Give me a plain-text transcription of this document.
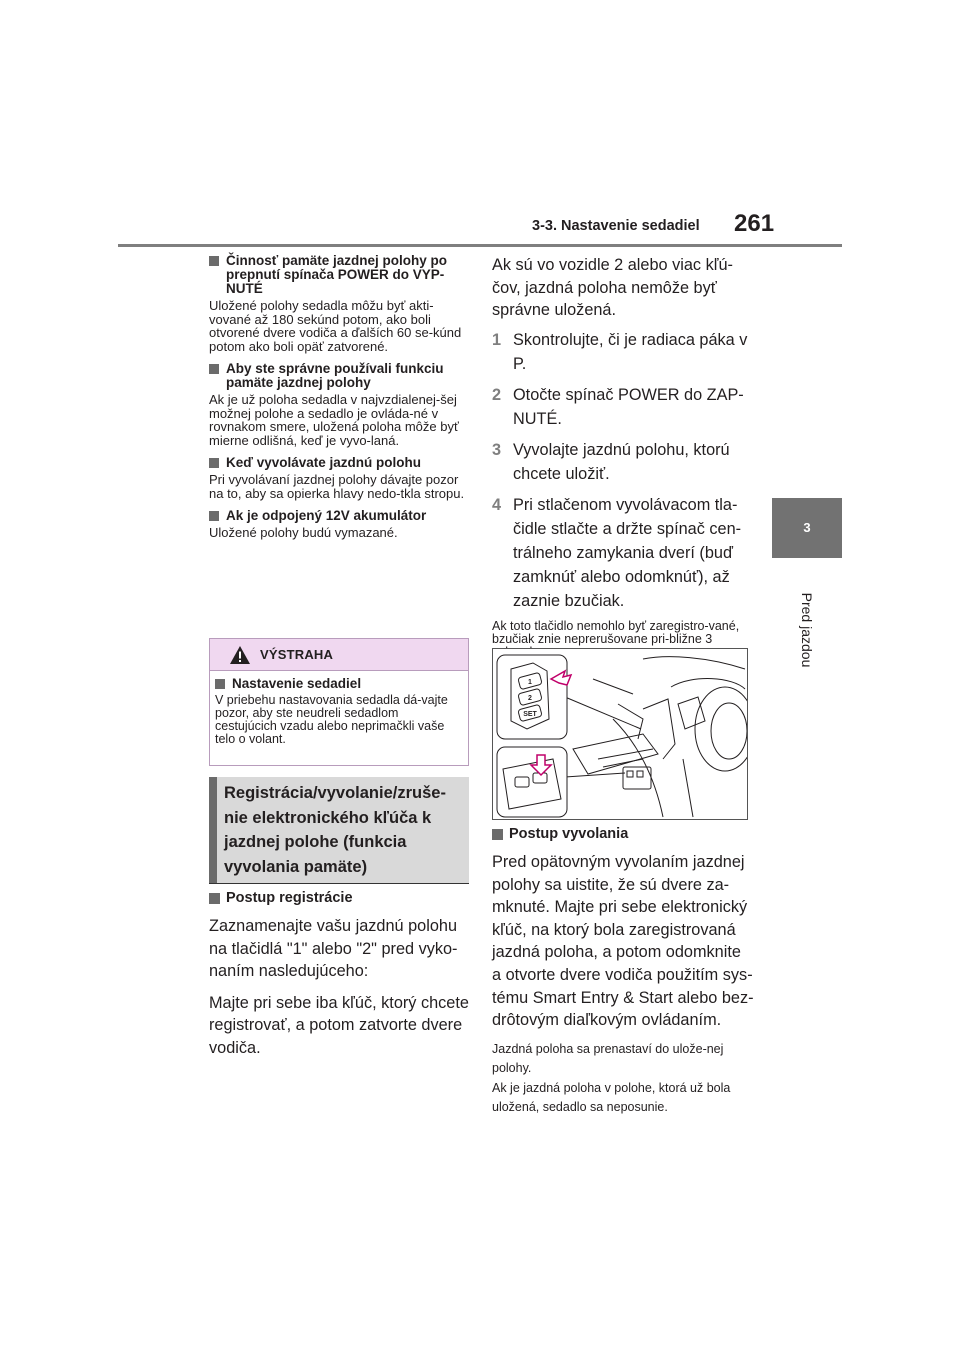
3-3. Nastavenie sedadiel 261
3
Pred jazdou
Činnosť pamäte jazdnej polohy po prepnutí spínača POWER do VYP-NUTÉ

Uložené polohy sedadla môžu byť akti-vované až 180 sekúnd potom, ako boli otvorené dvere vodiča a ďalších 60 se-kúnd potom ako boli opäť zatvorené.

Aby ste správne používali funkciu pamäte jazdnej polohy

Ak je už poloha sedadla v najvzdialenej-šej možnej polohe a sedadlo je ovláda-né v rovnakom smere, uložená poloha môže byť mierne odlišná, keď je vyvo-laná.

Keď vyvolávate jazdnú polohu

Pri vyvolávaní jazdnej polohy dávajte pozor na to, aby sa opierka hlavy nedo-tkla stropu.

Ak je odpojený 12V akumulátor

Uložené polohy budú vymazané.

VÝSTRAHA
Nastavenie sedadiel

V priebehu nastavovania sedadla dá-vajte pozor, aby ste neudreli sedadlom cestujúcich vzadu alebo neprimačkli vaše telo o volant.

Registrácia/vyvolanie/zruše-nie elektronického kľúča k jazdnej polohe (funkcia vyvolania pamäte)
Postup registrácie

Zaznamenajte vašu jazdnú polohu na tlačidlá "1" alebo "2" pred vyko-naním nasledujúceho:

Majte pri sebe iba kľúč, ktorý chcete registrovať, a potom zatvorte dvere vodiča.

Ak sú vo vozidle 2 alebo viac kľú-čov, jazdná poloha nemôže byť správne uložená.

1 Skontrolujte, či je radiaca páka v P.
2 Otočte spínač POWER do ZAP-NUTÉ.
3 Vyvolajte jazdnú polohu, ktorú chcete uložiť.
4 Pri stlačenom vyvolávacom tla-čidle stlačte a držte spínač cen-trálneho zamykania dverí (buď zamknúť alebo odomknúť), až zaznie bzučiak.

Ak toto tlačidlo nemohlo byť zaregistro-vané, bzučiak znie neprerušovane pri-bližne 3

1
2
SET
Postup vyvolania

Pred opätovným vyvolaním jazdnej polohy sa uistite, že sú dvere za-mknuté. Majte pri sebe elektronický kľúč, na ktorý bola zaregistrovaná jazdná poloha, a potom odomknite a otvorte dvere vodiča použitím sys-tému Smart Entry & Start alebo bez-drôtovým diaľkovým ovládaním.

Jazdná poloha sa prenastaví do ulože-nej polohy.

Ak je jazdná poloha v polohe, ktorá už bola uložená, sedadlo sa neposunie.
